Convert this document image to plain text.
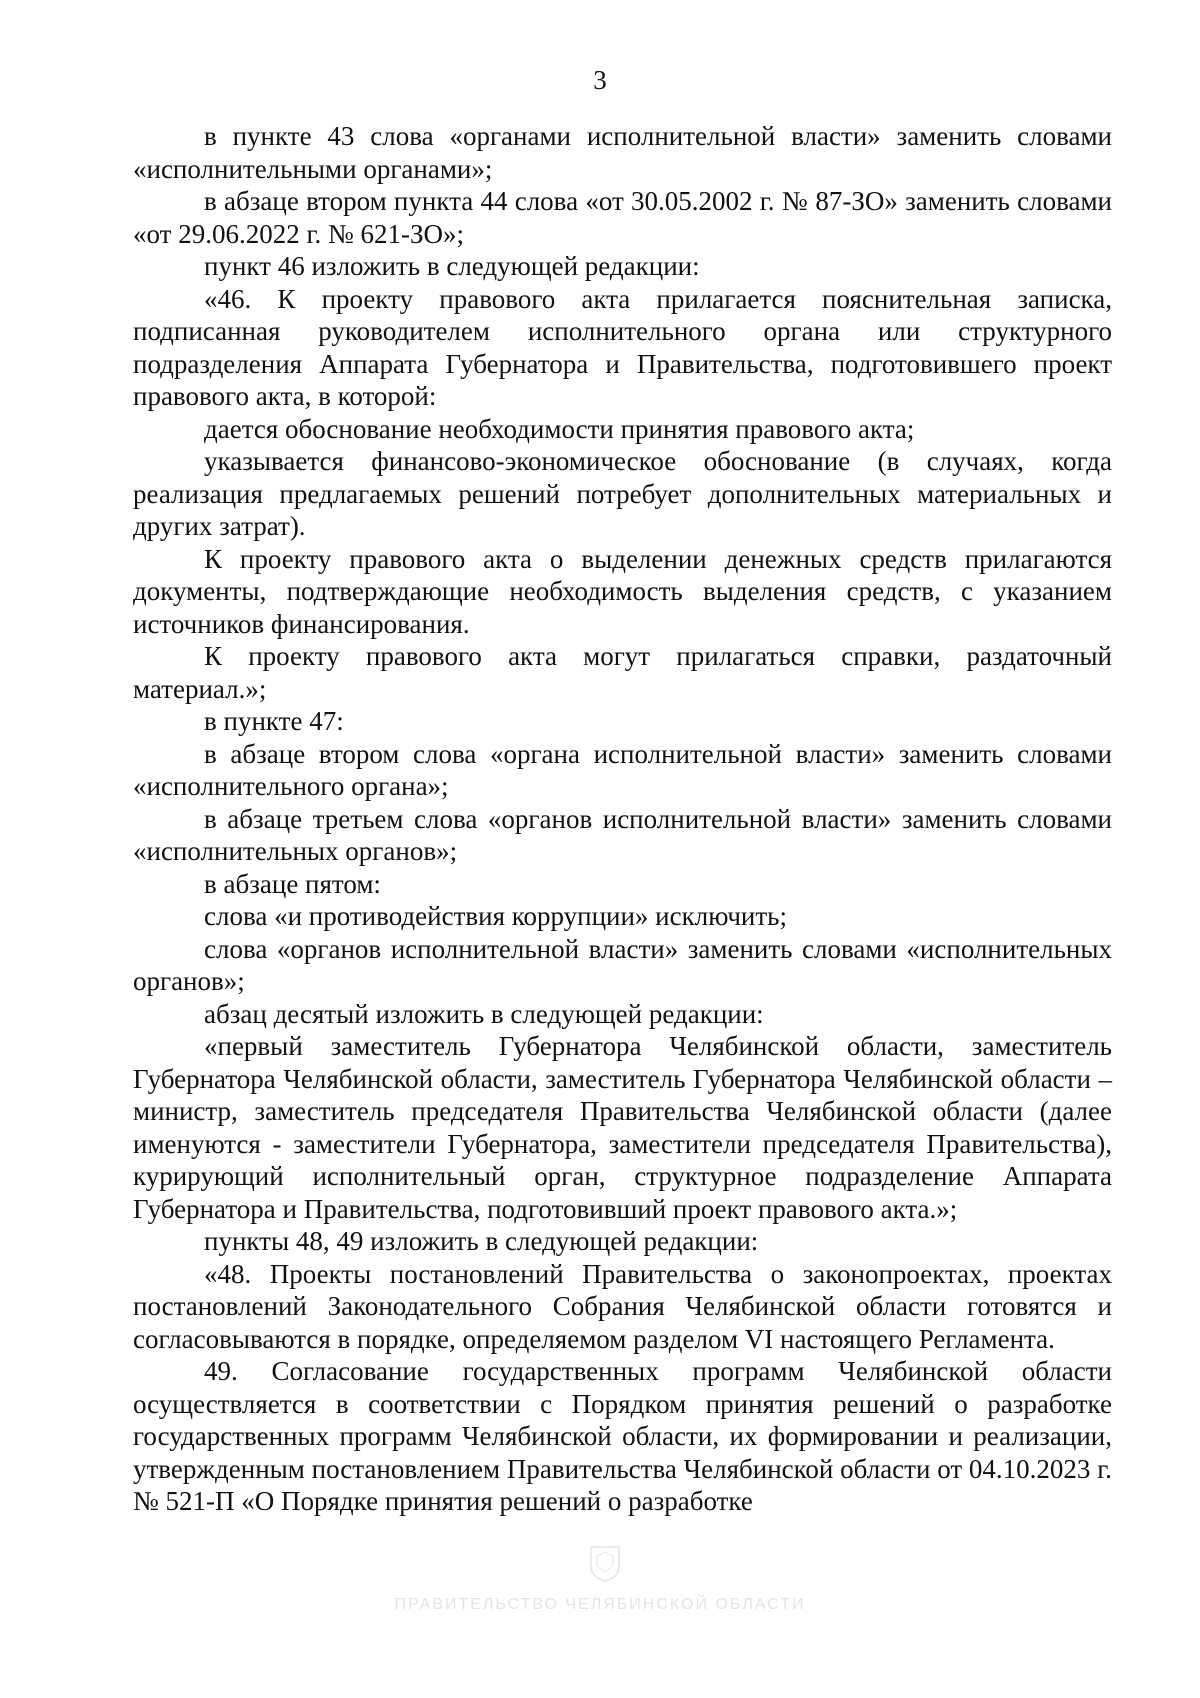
3

в пункте 43 слова «органами исполнительной власти» заменить словами «исполнительными органами»;

в абзаце втором пункта 44 слова «от 30.05.2002 г. № 87-ЗО» заменить словами «от 29.06.2022 г. № 621-ЗО»;

пункт 46 изложить в следующей редакции:

«46. К проекту правового акта прилагается пояснительная записка, подписанная руководителем исполнительного органа или структурного подразделения Аппарата Губернатора и Правительства, подготовившего проект правового акта, в которой:

дается обоснование необходимости принятия правового акта;

указывается финансово-экономическое обоснование (в случаях, когда реализация предлагаемых решений потребует дополнительных материальных и других затрат).

К проекту правового акта о выделении денежных средств прилагаются документы, подтверждающие необходимость выделения средств, с указанием источников финансирования.

К проекту правового акта могут прилагаться справки, раздаточный материал.»;

в пункте 47:

в абзаце втором слова «органа исполнительной власти» заменить словами «исполнительного органа»;

в абзаце третьем слова «органов исполнительной власти» заменить словами «исполнительных органов»;

в абзаце пятом:

слова «и противодействия коррупции» исключить;

слова «органов исполнительной власти» заменить словами «исполнительных органов»;

абзац десятый изложить в следующей редакции:

«первый заместитель Губернатора Челябинской области, заместитель Губернатора Челябинской области, заместитель Губернатора Челябинской области – министр, заместитель председателя Правительства Челябинской области (далее именуются - заместители Губернатора, заместители председателя Правительства), курирующий исполнительный орган, структурное подразделение Аппарата Губернатора и Правительства, подготовивший проект правового акта.»;

пункты 48, 49 изложить в следующей редакции:

«48. Проекты постановлений Правительства о законопроектах, проектах постановлений Законодательного Собрания Челябинской области готовятся и согласовываются в порядке, определяемом разделом VI настоящего Регламента.

49. Согласование государственных программ Челябинской области осуществляется в соответствии с Порядком принятия решений о разработке государственных программ Челябинской области, их формировании и реализации, утвержденным постановлением Правительства Челябинской области от 04.10.2023 г. № 521-П «О Порядке принятия решений о разработке

ПРАВИТЕЛЬСТВО ЧЕЛЯБИНСКОЙ ОБЛАСТИ
